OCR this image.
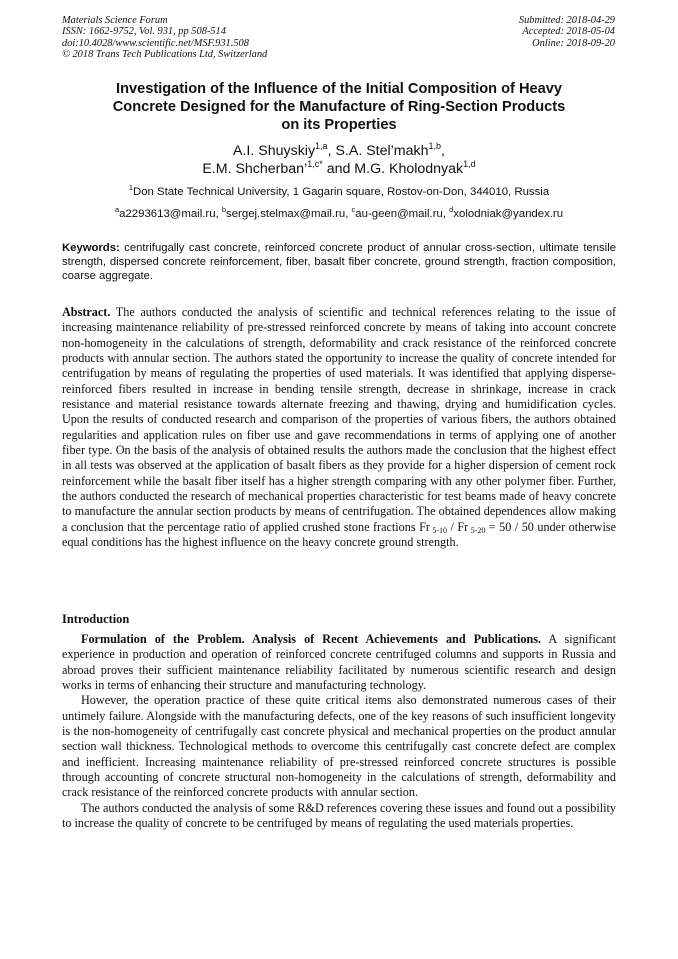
Materials Science Forum
ISSN: 1662-9752, Vol. 931, pp 508-514
doi:10.4028/www.scientific.net/MSF.931.508
© 2018 Trans Tech Publications Ltd, Switzerland
Submitted: 2018-04-29
Accepted: 2018-05-04
Online: 2018-09-20
Investigation of the Influence of the Initial Composition of Heavy
Concrete Designed for the Manufacture of Ring-Section Products
on its Properties
A.I. Shuyskiy$^{1,a}$, S.A. Stel’makh$^{1,b}$,
E.M. Shcherban’$^{1,c*}$ and M.G. Kholodnyak$^{1,d}$
$^1$Don State Technical University, 1 Gagarin square, Rostov-on-Don, 344010, Russia
$^a$a2293613@mail.ru, $^b$sergej.stelmax@mail.ru, $^c$au-geen@mail.ru, $^d$xolodniak@yandex.ru
Keywords: centrifugally cast concrete, reinforced concrete product of annular cross-section, ultimate tensile strength, dispersed concrete reinforcement, fiber, basalt fiber concrete, ground strength, fraction composition, coarse aggregate.
Abstract. The authors conducted the analysis of scientific and technical references relating to the issue of increasing maintenance reliability of pre-stressed reinforced concrete by means of taking into account concrete non-homogeneity in the calculations of strength, deformability and crack resistance of the reinforced concrete products with annular section. The authors stated the opportunity to increase the quality of concrete intended for centrifugation by means of regulating the properties of used materials. It was identified that applying disperse-reinforced fibers resulted in increase in bending tensile strength, decrease in shrinkage, increase in crack resistance and material resistance towards alternate freezing and thawing, drying and humidification cycles. Upon the results of conducted research and comparison of the properties of various fibers, the authors obtained regularities and application rules on fiber use and gave recommendations in terms of applying one of another fiber type. On the basis of the analysis of obtained results the authors made the conclusion that the highest effect in all tests was observed at the application of basalt fibers as they provide for a higher dispersion of cement rock reinforcement while the basalt fiber itself has a higher strength comparing with any other polymer fiber. Further, the authors conducted the research of mechanical properties characteristic for test beams made of heavy concrete to manufacture the annular section products by means of centrifugation. The obtained dependences allow making a conclusion that the percentage ratio of applied crushed stone fractions Fr $_{5-10}$ / Fr $_{5-20}$ = 50 / 50 under otherwise equal conditions has the highest influence on the heavy concrete ground strength.
Introduction

Formulation of the Problem. Analysis of Recent Achievements and Publications. A significant experience in production and operation of reinforced concrete centrifuged columns and supports in Russia and abroad proves their sufficient maintenance reliability facilitated by numerous scientific research and design works in terms of enhancing their structure and manufacturing technology.

However, the operation practice of these quite critical items also demonstrated numerous cases of their untimely failure. Alongside with the manufacturing defects, one of the key reasons of such insufficient longevity is the non-homogeneity of centrifugally cast concrete physical and mechanical properties on the product annular section wall thickness. Technological methods to overcome this centrifugally cast concrete defect are complex and inefficient. Increasing maintenance reliability of pre-stressed reinforced concrete structures is possible through accounting of concrete structural non-homogeneity in the calculations of strength, deformability and crack resistance of the reinforced concrete products with annular section.

The authors conducted the analysis of some R&D references covering these issues and found out a possibility to increase the quality of concrete to be centrifuged by means of regulating the used materials properties.
